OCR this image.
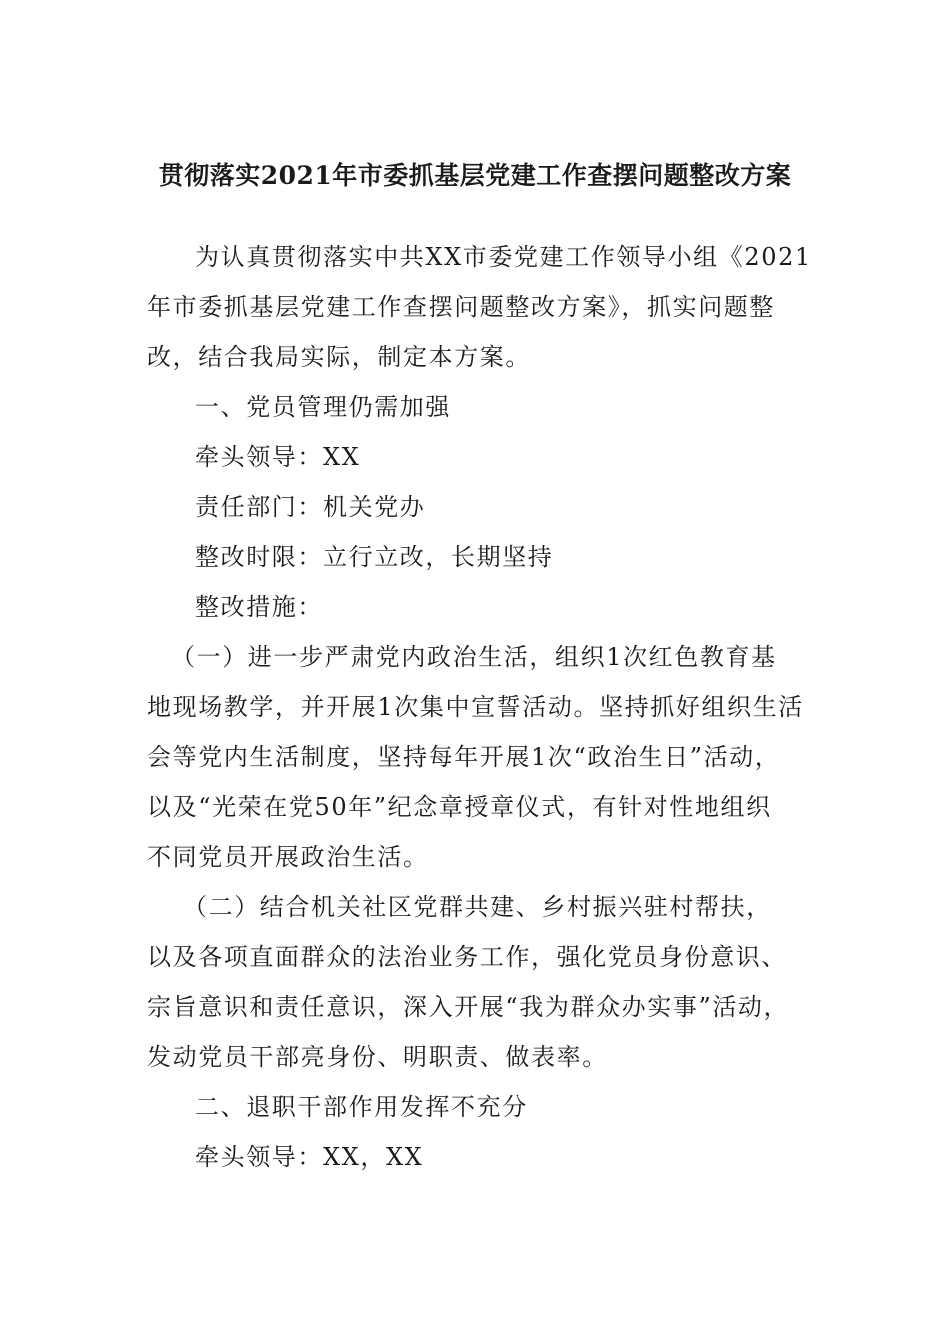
贯彻落实2021年市委抓基层党建工作查摆问题整改方案

为认真贯彻落实中共XX市委党建工作领导小组《2021
年市委抓基层党建工作查摆问题整改方案》，抓实问题整
改，结合我局实际，制定本方案。

一、党员管理仍需加强

牵头领导：XX

责任部门：机关党办

整改时限：立行立改，长期坚持

整改措施：

（一）进一步严肃党内政治生活，组织1次红色教育基
地现场教学，并开展1次集中宣誓活动。坚持抓好组织生活
会等党内生活制度，坚持每年开展1次“政治生日”活动，
以及“光荣在党50年”纪念章授章仪式，有针对性地组织
不同党员开展政治生活。

（二）结合机关社区党群共建、乡村振兴驻村帮扶，
以及各项直面群众的法治业务工作，强化党员身份意识、
宗旨意识和责任意识，深入开展“我为群众办实事”活动，
发动党员干部亮身份、明职责、做表率。

二、退职干部作用发挥不充分

牵头领导：XX，XX
